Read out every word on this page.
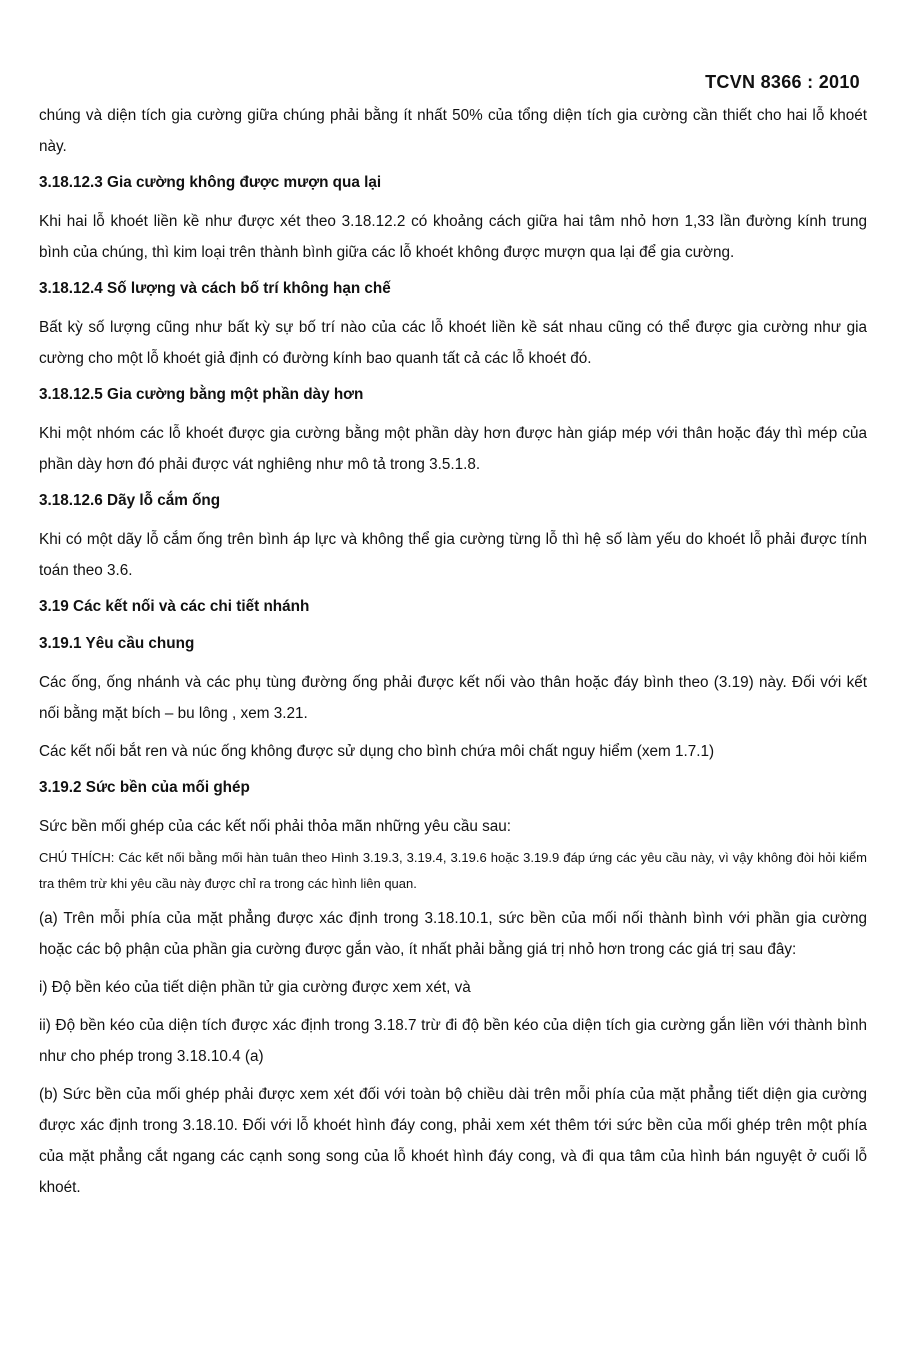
TCVN 8366 : 2010

chúng và diện tích gia cường giữa chúng phải bằng ít nhất 50% của tổng diện tích gia cường cần thiết cho hai lỗ khoét này.

3.18.12.3 Gia cường không được mượn qua lại

Khi hai lỗ khoét liền kề như được xét theo 3.18.12.2 có khoảng cách giữa hai tâm nhỏ hơn 1,33 lần đường kính trung bình của chúng, thì kim loại trên thành bình giữa các lỗ khoét không được mượn qua lại để gia cường.

3.18.12.4 Số lượng và cách bố trí không hạn chế

Bất kỳ số lượng cũng như bất kỳ sự bố trí nào của các lỗ khoét liền kề sát nhau cũng có thể được gia cường như gia cường cho một lỗ khoét giả định có đường kính bao quanh tất cả các lỗ khoét đó.

3.18.12.5 Gia cường bằng một phần dày hơn

Khi một nhóm các lỗ khoét được gia cường bằng một phần dày hơn được hàn giáp mép với thân hoặc đáy thì mép của phần dày hơn đó phải được vát nghiêng như mô tả trong 3.5.1.8.

3.18.12.6 Dãy lỗ cắm ống

Khi có một dãy lỗ cắm ống trên bình áp lực và không thể gia cường từng lỗ thì hệ số làm yếu do khoét lỗ phải được tính toán theo 3.6.

3.19 Các kết nối và các chi tiết nhánh
3.19.1 Yêu cầu chung

Các ống, ống nhánh và các phụ tùng đường ống phải được kết nối vào thân hoặc đáy bình theo (3.19) này. Đối với kết nối bằng mặt bích – bu lông , xem 3.21.

Các kết nối bắt ren và núc ống không được sử dụng cho bình chứa môi chất nguy hiểm (xem 1.7.1)

3.19.2 Sức bền của mối ghép

Sức bền mối ghép của các kết nối phải thỏa mãn những yêu cầu sau:

CHÚ THÍCH: Các kết nối bằng mối hàn tuân theo Hình 3.19.3, 3.19.4, 3.19.6 hoặc 3.19.9 đáp ứng các yêu cầu này, vì vậy không đòi hỏi kiểm tra thêm trừ khi yêu cầu này được chỉ ra trong các hình liên quan.

(a) Trên mỗi phía của mặt phẳng được xác định trong 3.18.10.1, sức bền của mối nối thành bình với phần gia cường hoặc các bộ phận của phần gia cường được gắn vào, ít nhất phải bằng giá trị nhỏ hơn trong các giá trị sau đây:

i) Độ bền kéo của tiết diện phần tử gia cường được xem xét, và

ii) Độ bền kéo của diện tích được xác định trong 3.18.7 trừ đi độ bền kéo của diện tích gia cường gắn liền với thành bình như cho phép trong 3.18.10.4 (a)

(b) Sức bền của mối ghép phải được xem xét đối với toàn bộ chiều dài trên mỗi phía của mặt phẳng tiết diện gia cường được xác định trong 3.18.10. Đối với lỗ khoét hình đáy cong, phải xem xét thêm tới sức bền của mối ghép trên một phía của mặt phẳng cắt ngang các cạnh song song của lỗ khoét hình đáy cong, và đi qua tâm của hình bán nguyệt ở cuối lỗ khoét.
